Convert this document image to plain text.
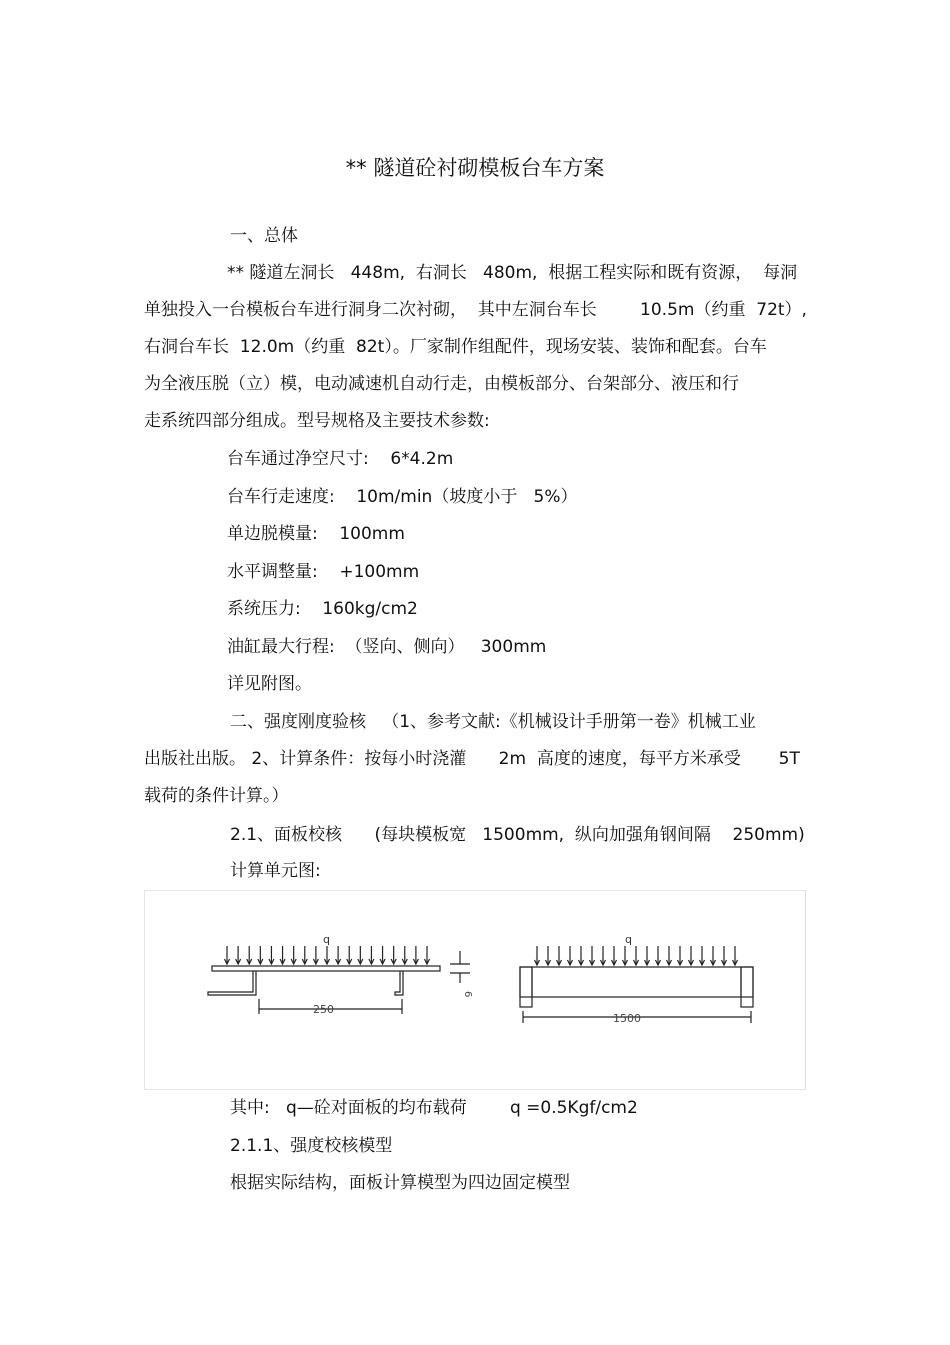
** 隧道砼衬砌模板台车方案
一、总体
** 隧道左洞长   448m,  右洞长   480m,  根据工程实际和既有资源，  每洞
单独投入一台模板台车进行洞身二次衬砌，  其中左洞台车长        10.5m（约重  72t）,
右洞台车长  12.0m（约重  82t）。厂家制作组配件，现场安装、装饰和配套。台车
为全液压脱（立）模，电动减速机自动行走，由模板部分、台架部分、液压和行
走系统四部分组成。型号规格及主要技术参数:
台车通过净空尺寸:    6*4.2m
台车行走速度:    10m/min（坡度小于   5%）
单边脱模量:    100mm
水平调整量:    +100mm
系统压力:    160kg/cm2
油缸最大行程:  （竖向、侧向）   300mm
详见附图。
二、强度刚度验核   （1、参考文献:《机械设计手册第一卷》机械工业
出版社出版。 2、计算条件：按每小时浇灌      2m  高度的速度，每平方米承受       5T
载荷的条件计算。）
2.1、面板校核      (每块模板宽   1500mm,  纵向加强角钢间隔    250mm)
计算单元图:
q
250
6
q
1500
其中:   q—砼对面板的均布载荷        q =0.5Kgf/cm2
2.1.1、强度校核模型
根据实际结构，面板计算模型为四边固定模型
